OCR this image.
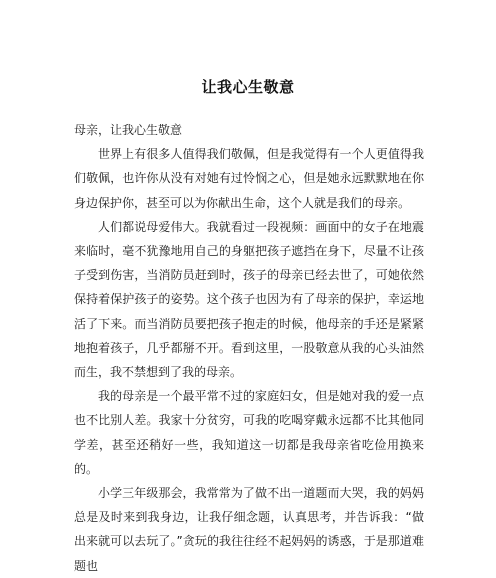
让我心生敬意

母亲，让我心生敬意

世界上有很多人值得我们敬佩，但是我觉得有一个人更值得我们敬佩，也许你从没有对她有过怜悯之心，但是她永远默默地在你身边保护你，甚至可以为你献出生命，这个人就是我们的母亲。

人们都说母爱伟大。我就看过一段视频：画面中的女子在地震来临时，毫不犹豫地用自己的身躯把孩子遮挡在身下，尽量不让孩子受到伤害，当消防员赶到时，孩子的母亲已经去世了，可她依然保持着保护孩子的姿势。这个孩子也因为有了母亲的保护，幸运地活了下来。而当消防员要把孩子抱走的时候，他母亲的手还是紧紧地抱着孩子，几乎都掰不开。看到这里，一股敬意从我的心头油然而生，我不禁想到了我的母亲。

我的母亲是一个最平常不过的家庭妇女，但是她对我的爱一点也不比别人差。我家十分贫穷，可我的吃喝穿戴永远都不比其他同学差，甚至还稍好一些，我知道这一切都是我母亲省吃俭用换来的。

小学三年级那会，我常常为了做不出一道题而大哭，我的妈妈总是及时来到我身边，让我仔细念题，认真思考，并告诉我：“做出来就可以去玩了。”贪玩的我往往经不起妈妈的诱惑，于是那道难题也
